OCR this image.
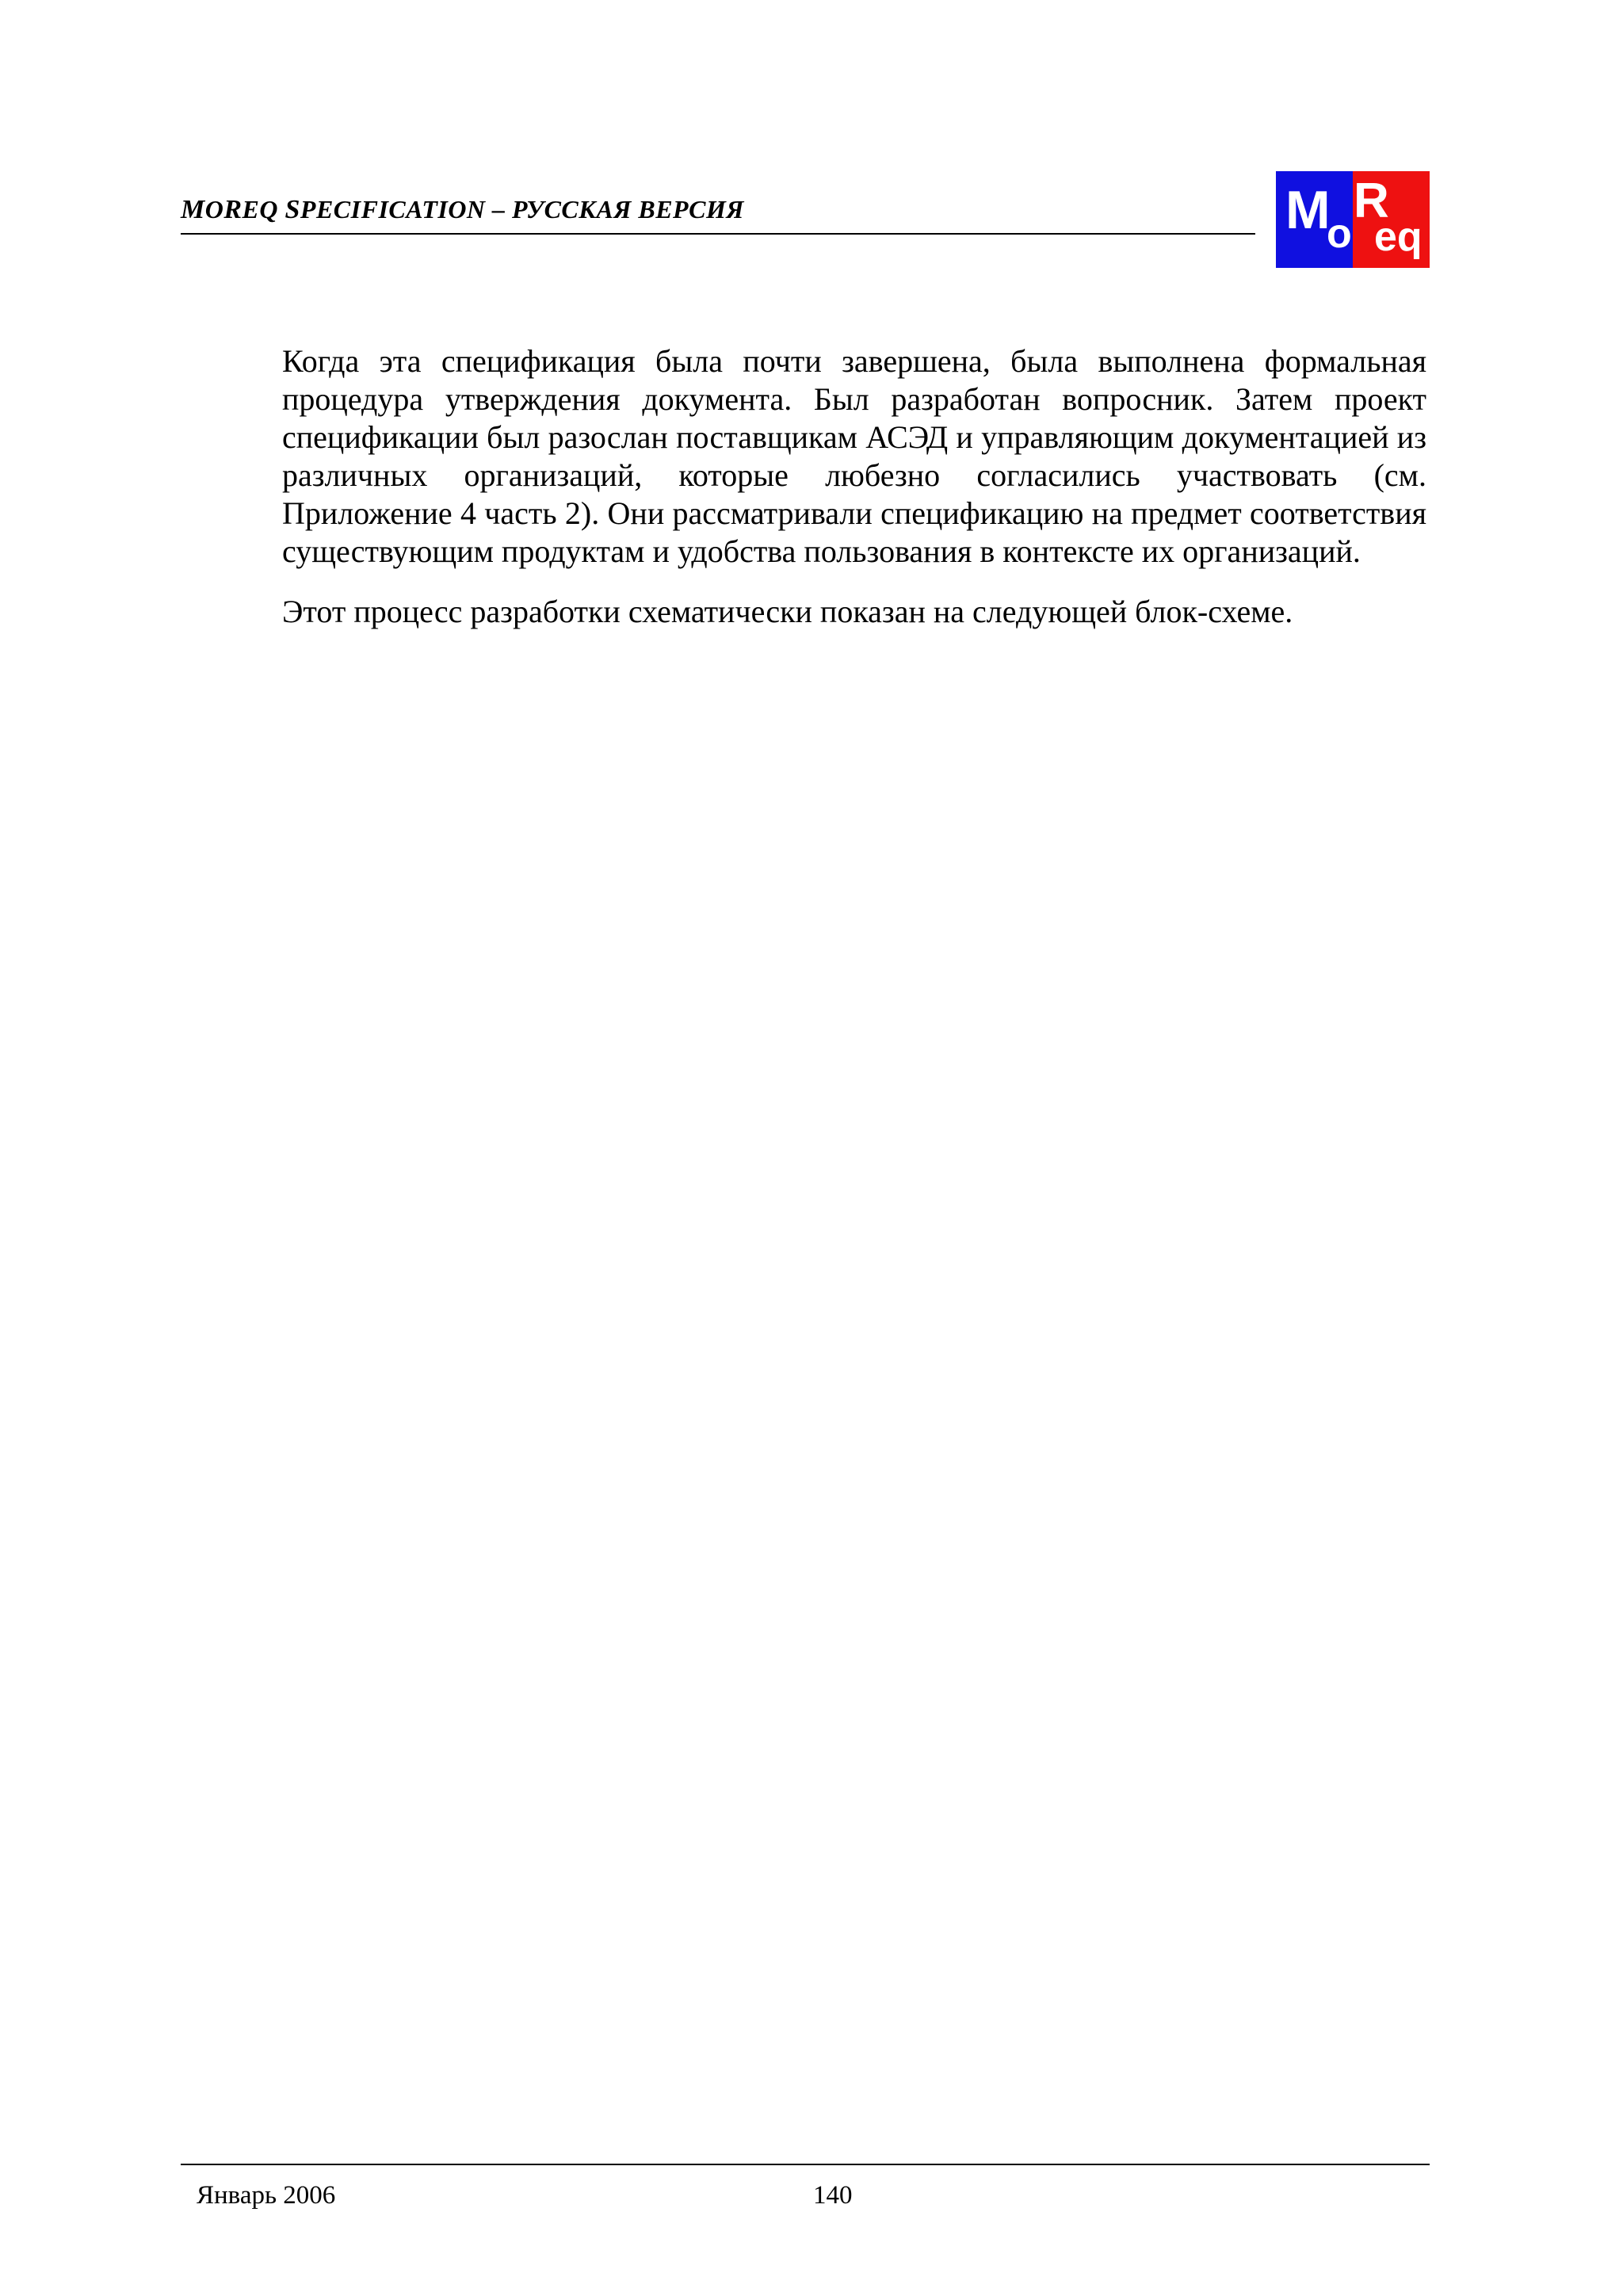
MOREQ SPECIFICATION – РУССКАЯ ВЕРСИЯ	M
o
R
eq

Когда эта спецификация была почти завершена, была выполнена формальная процедура утверждения документа. Был разработан вопросник. Затем проект спецификации был разослан поставщикам АСЭД и управляющим документацией из различных организаций, которые любезно согласились участвовать (см. Приложение 4 часть 2). Они рассматривали спецификацию на предмет соответствия существующим продуктам и удобства пользования в контексте их организаций.

Этот процесс разработки схематически показан на следующей блок-схеме.

Январь 2006	140
